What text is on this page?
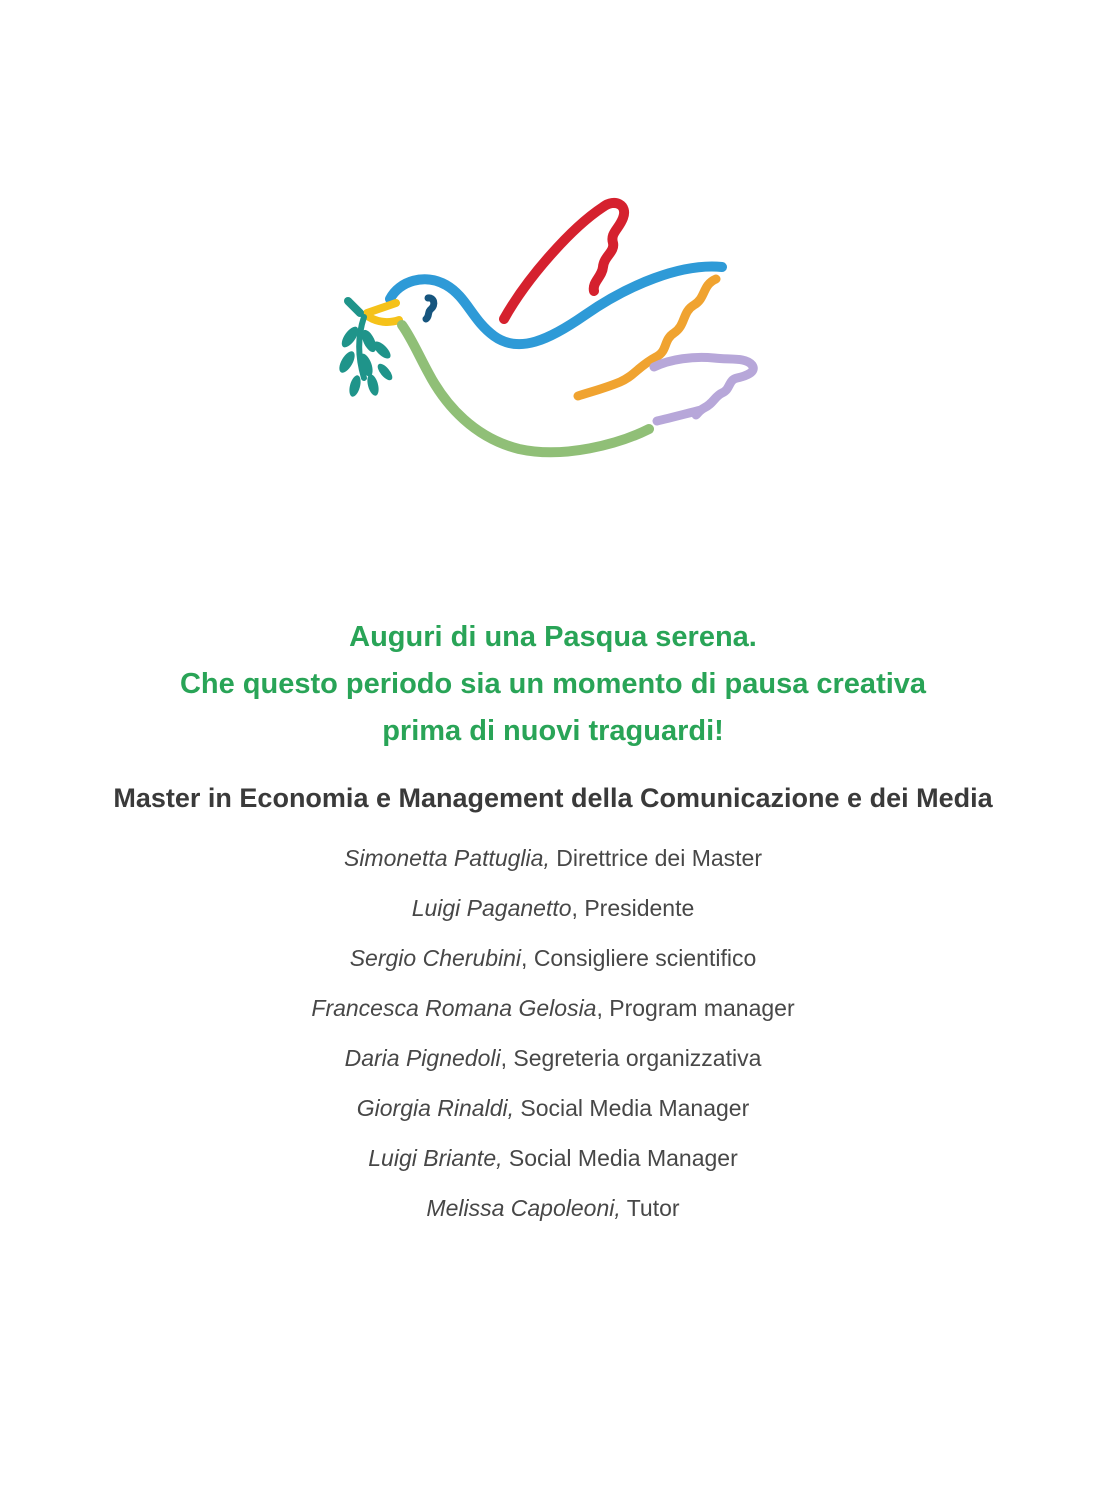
Auguri di una Pasqua serena.
Che questo periodo sia un momento di pausa creativa
prima di nuovi traguardi!
Master in Economia e Management della Comunicazione e dei Media
Simonetta Pattuglia, Direttrice dei Master
Luigi Paganetto, Presidente
Sergio Cherubini, Consigliere scientifico
Francesca Romana Gelosia, Program manager
Daria Pignedoli, Segreteria organizzativa
Giorgia Rinaldi, Social Media Manager
Luigi Briante, Social Media Manager
Melissa Capoleoni, Tutor
